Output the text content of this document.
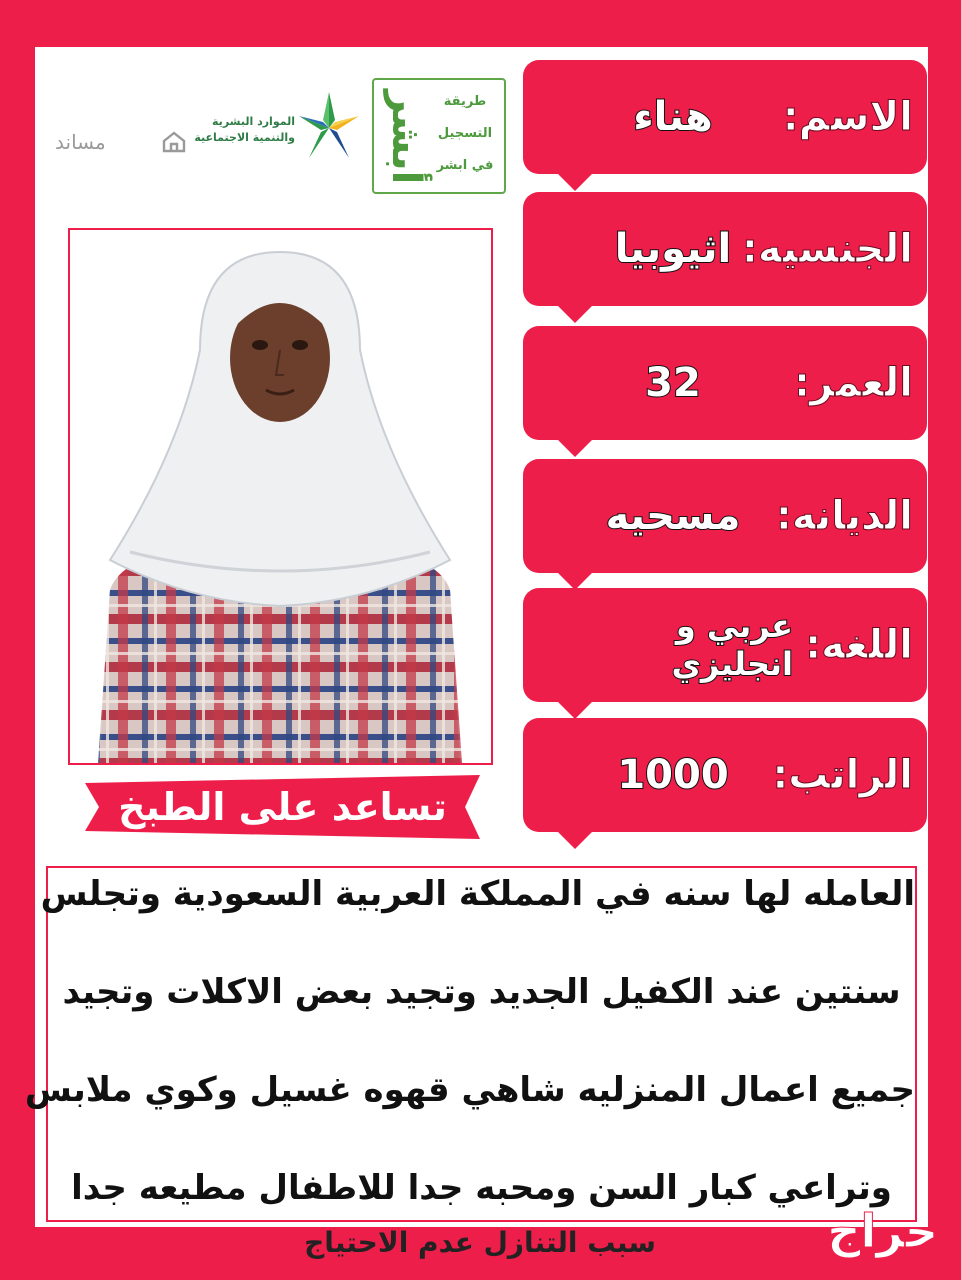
أبشر	طريقة
التسجيل
في ابشر
الموارد البشرية
والتنمية الاجتماعية
مساند
تساعد على الطبخ
الاسم:
هناء
الجنسيه:
اثيوبيا
العمر:
32
الديانه:
مسحيه
اللغه:
عربي و انجليزي
الراتب:
1000
العامله لها سنه في المملكة العربية السعودية وتجلس
سنتين عند الكفيل الجديد وتجيد بعض الاكلات وتجيد
جميع اعمال المنزليه شاهي قهوه غسيل وكوي ملابس
وتراعي كبار السن ومحبه جدا للاطفال مطيعه جدا
سبب التنازل عدم الاحتياج	حراج
